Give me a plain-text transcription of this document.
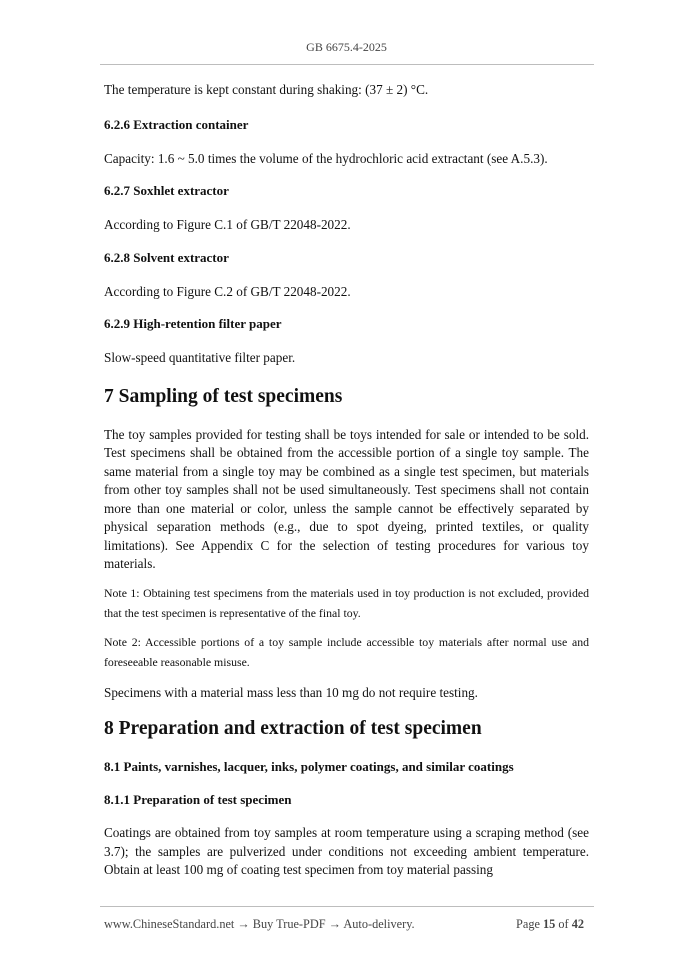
GB 6675.4-2025

The temperature is kept constant during shaking: (37 ± 2) °C.

6.2.6 Extraction container

Capacity: 1.6 ~ 5.0 times the volume of the hydrochloric acid extractant (see A.5.3).

6.2.7 Soxhlet extractor

According to Figure C.1 of GB/T 22048-2022.

6.2.8 Solvent extractor

According to Figure C.2 of GB/T 22048-2022.

6.2.9 High-retention filter paper

Slow-speed quantitative filter paper.

7 Sampling of test specimens

The toy samples provided for testing shall be toys intended for sale or intended to be sold. Test specimens shall be obtained from the accessible portion of a single toy sample. The same material from a single toy may be combined as a single test specimen, but materials from other toy samples shall not be used simultaneously. Test specimens shall not contain more than one material or color, unless the sample cannot be effectively separated by physical separation methods (e.g., due to spot dyeing, printed textiles, or quality limitations). See Appendix C for the selection of testing procedures for various toy materials.

Note 1: Obtaining test specimens from the materials used in toy production is not excluded, provided that the test specimen is representative of the final toy.

Note 2: Accessible portions of a toy sample include accessible toy materials after normal use and foreseeable reasonable misuse.

Specimens with a material mass less than 10 mg do not require testing.

8 Preparation and extraction of test specimen

8.1 Paints, varnishes, lacquer, inks, polymer coatings, and similar coatings

8.1.1 Preparation of test specimen

Coatings are obtained from toy samples at room temperature using a scraping method (see 3.7); the samples are pulverized under conditions not exceeding ambient temperature. Obtain at least 100 mg of coating test specimen from toy material passing

www.ChineseStandard.net → Buy True-PDF → Auto-delivery.	Page 15 of 42
